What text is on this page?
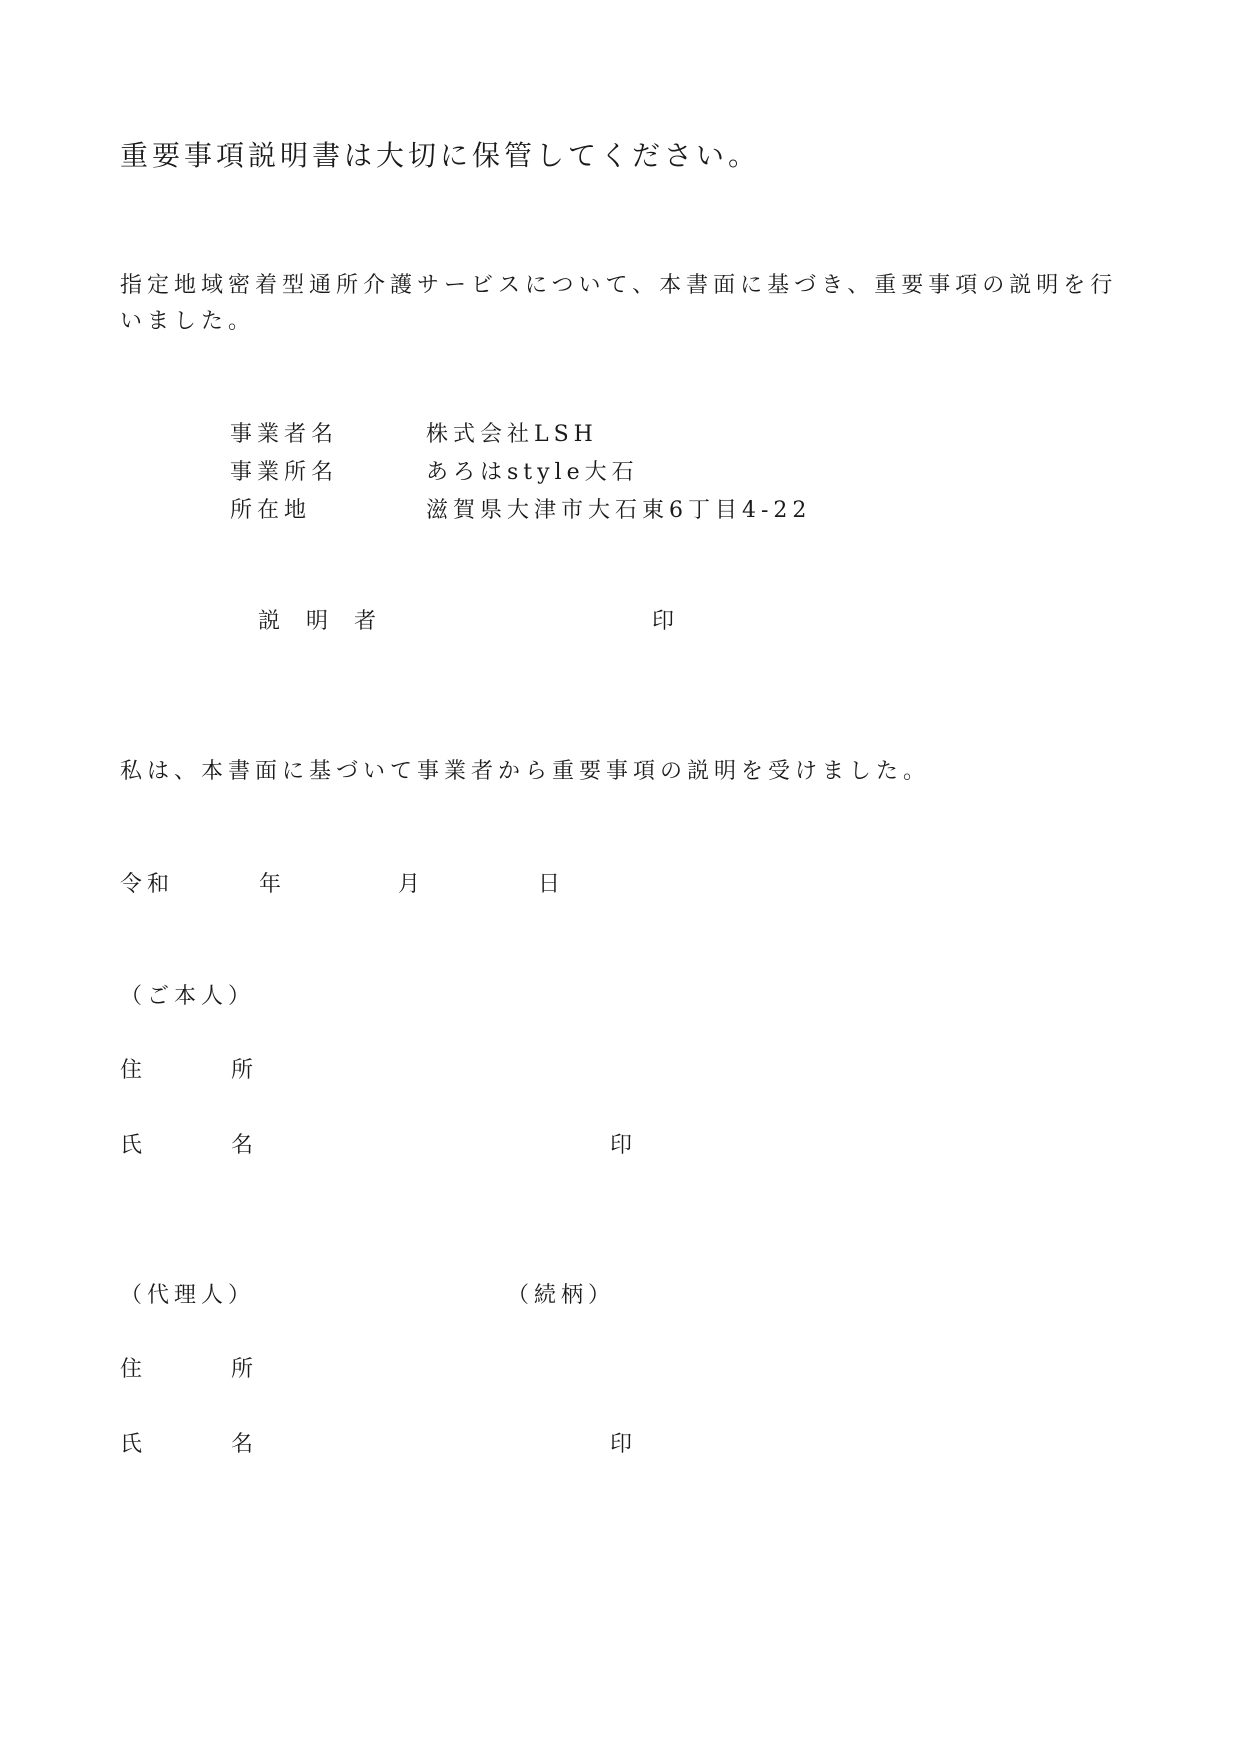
重要事項説明書は大切に保管してください。
指定地域密着型通所介護サービスについて、本書面に基づき、重要事項の説明を行いました。
事業者名	株式会社LSH
事業所名	あろはstyle大石
所在地	滋賀県大津市大石東6丁目4-22
説　明　者	印
私は、本書面に基づいて事業者から重要事項の説明を受けました。
令和	年	月	日
（ご本人）
住	所
氏	名	印
（代理人）	（続柄）
住	所
氏	名	印
